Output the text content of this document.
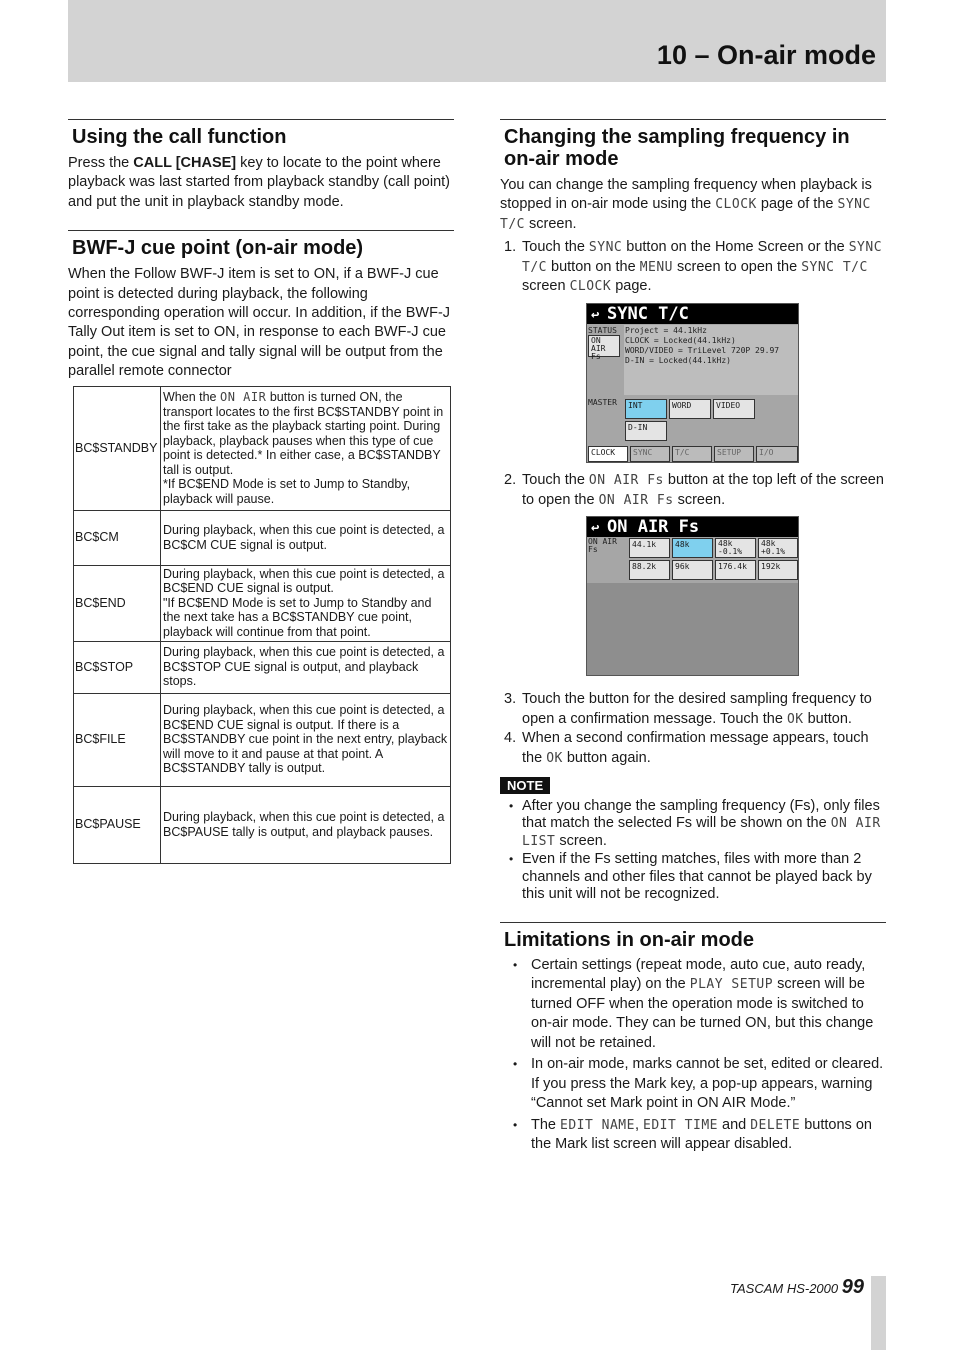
10 – On-air mode
Using the call function

Press the CALL [CHASE] key to locate to the point where playback was last started from playback standby (call point) and put the unit in playback standby mode.

BWF-J cue point (on-air mode)

When the Follow BWF-J item is set to ON, if a BWF-J cue point is detected during playback, the following corresponding operation will occur. In addition, if the BWF-J Tally Out item is set to ON, in response to each BWF-J cue point, the cue signal and tally signal will be output from the parallel remote connector

BC$STANDBY	When the ON AIR button is turned ON, the transport locates to the first BC$STANDBY point in the first take as the playback starting point. During playback, playback pauses when this type of cue point is detected.* In either case, a BC$STANDBY tall is output.
*If BC$END Mode is set to Jump to Standby, playback will pause.
BC$CM	During playback, when this cue point is detected, a BC$CM CUE signal is output.
BC$END	During playback, when this cue point is detected, a BC$END CUE signal is output.
"If BC$END Mode is set to Jump to Standby and the next take has a BC$STANDBY cue point, playback will continue from that point.
BC$STOP	During playback, when this cue point is detected, a BC$STOP CUE signal is output, and playback stops.
BC$FILE	During playback, when this cue point is detected, a BC$END CUE signal is output. If there is a BC$STANDBY cue point in the next entry, playback will move to it and pause at that point. A BC$STANDBY tally is output.
BC$PAUSE	During playback, when this cue point is detected, a BC$PAUSE tally is output, and playback pauses.
Changing the sampling frequency in on-air mode

You can change the sampling frequency when playback is stopped in on-air mode using the CLOCK page of the SYNC T/C screen.

1. Touch the SYNC button on the Home Screen or the SYNC T/C button on the MENU screen to open the SYNC T/C screen CLOCK page.
↩ SYNC T/C
STATUS
ON AIR
Fs
Project = 44.1kHz
CLOCK = Locked(44.1kHz)
WORD/VIDEO = TriLevel 720P 29.97
D-IN = Locked(44.1kHz)
MASTER	INT	WORD	VIDEO
D-IN
CLOCK	SYNC	T/C	SETUP	I/O
2. Touch the ON AIR Fs button at the top left of the screen to open the ON AIR Fs screen.
↩ ON AIR Fs
ON AIR
Fs
44.1k	48k	48k
-0.1%
48k
+0.1%
88.2k	96k	176.4k	192k
3. Touch the button for the desired sampling frequency to open a confirmation message. Touch the OK button.
4. When a second confirmation message appears, touch the OK button again.
NOTE
• After you change the sampling frequency (Fs), only files that match the selected Fs will be shown on the ON AIR LIST screen.
• Even if the Fs setting matches, files with more than 2 channels and other files that cannot be played back by this unit will not be recognized.
Limitations in on-air mode
• Certain settings (repeat mode, auto cue, auto ready, incremental play) on the PLAY SETUP screen will be turned OFF when the operation mode is switched to on-air mode. They can be turned ON, but this change will not be retained.
• In on-air mode, marks cannot be set, edited or cleared. If you press the Mark key, a pop-up appears, warning “Cannot set Mark point in ON AIR Mode.”
• The EDIT NAME, EDIT TIME and DELETE buttons on the Mark list screen will appear disabled.
TASCAM HS-2000 99
